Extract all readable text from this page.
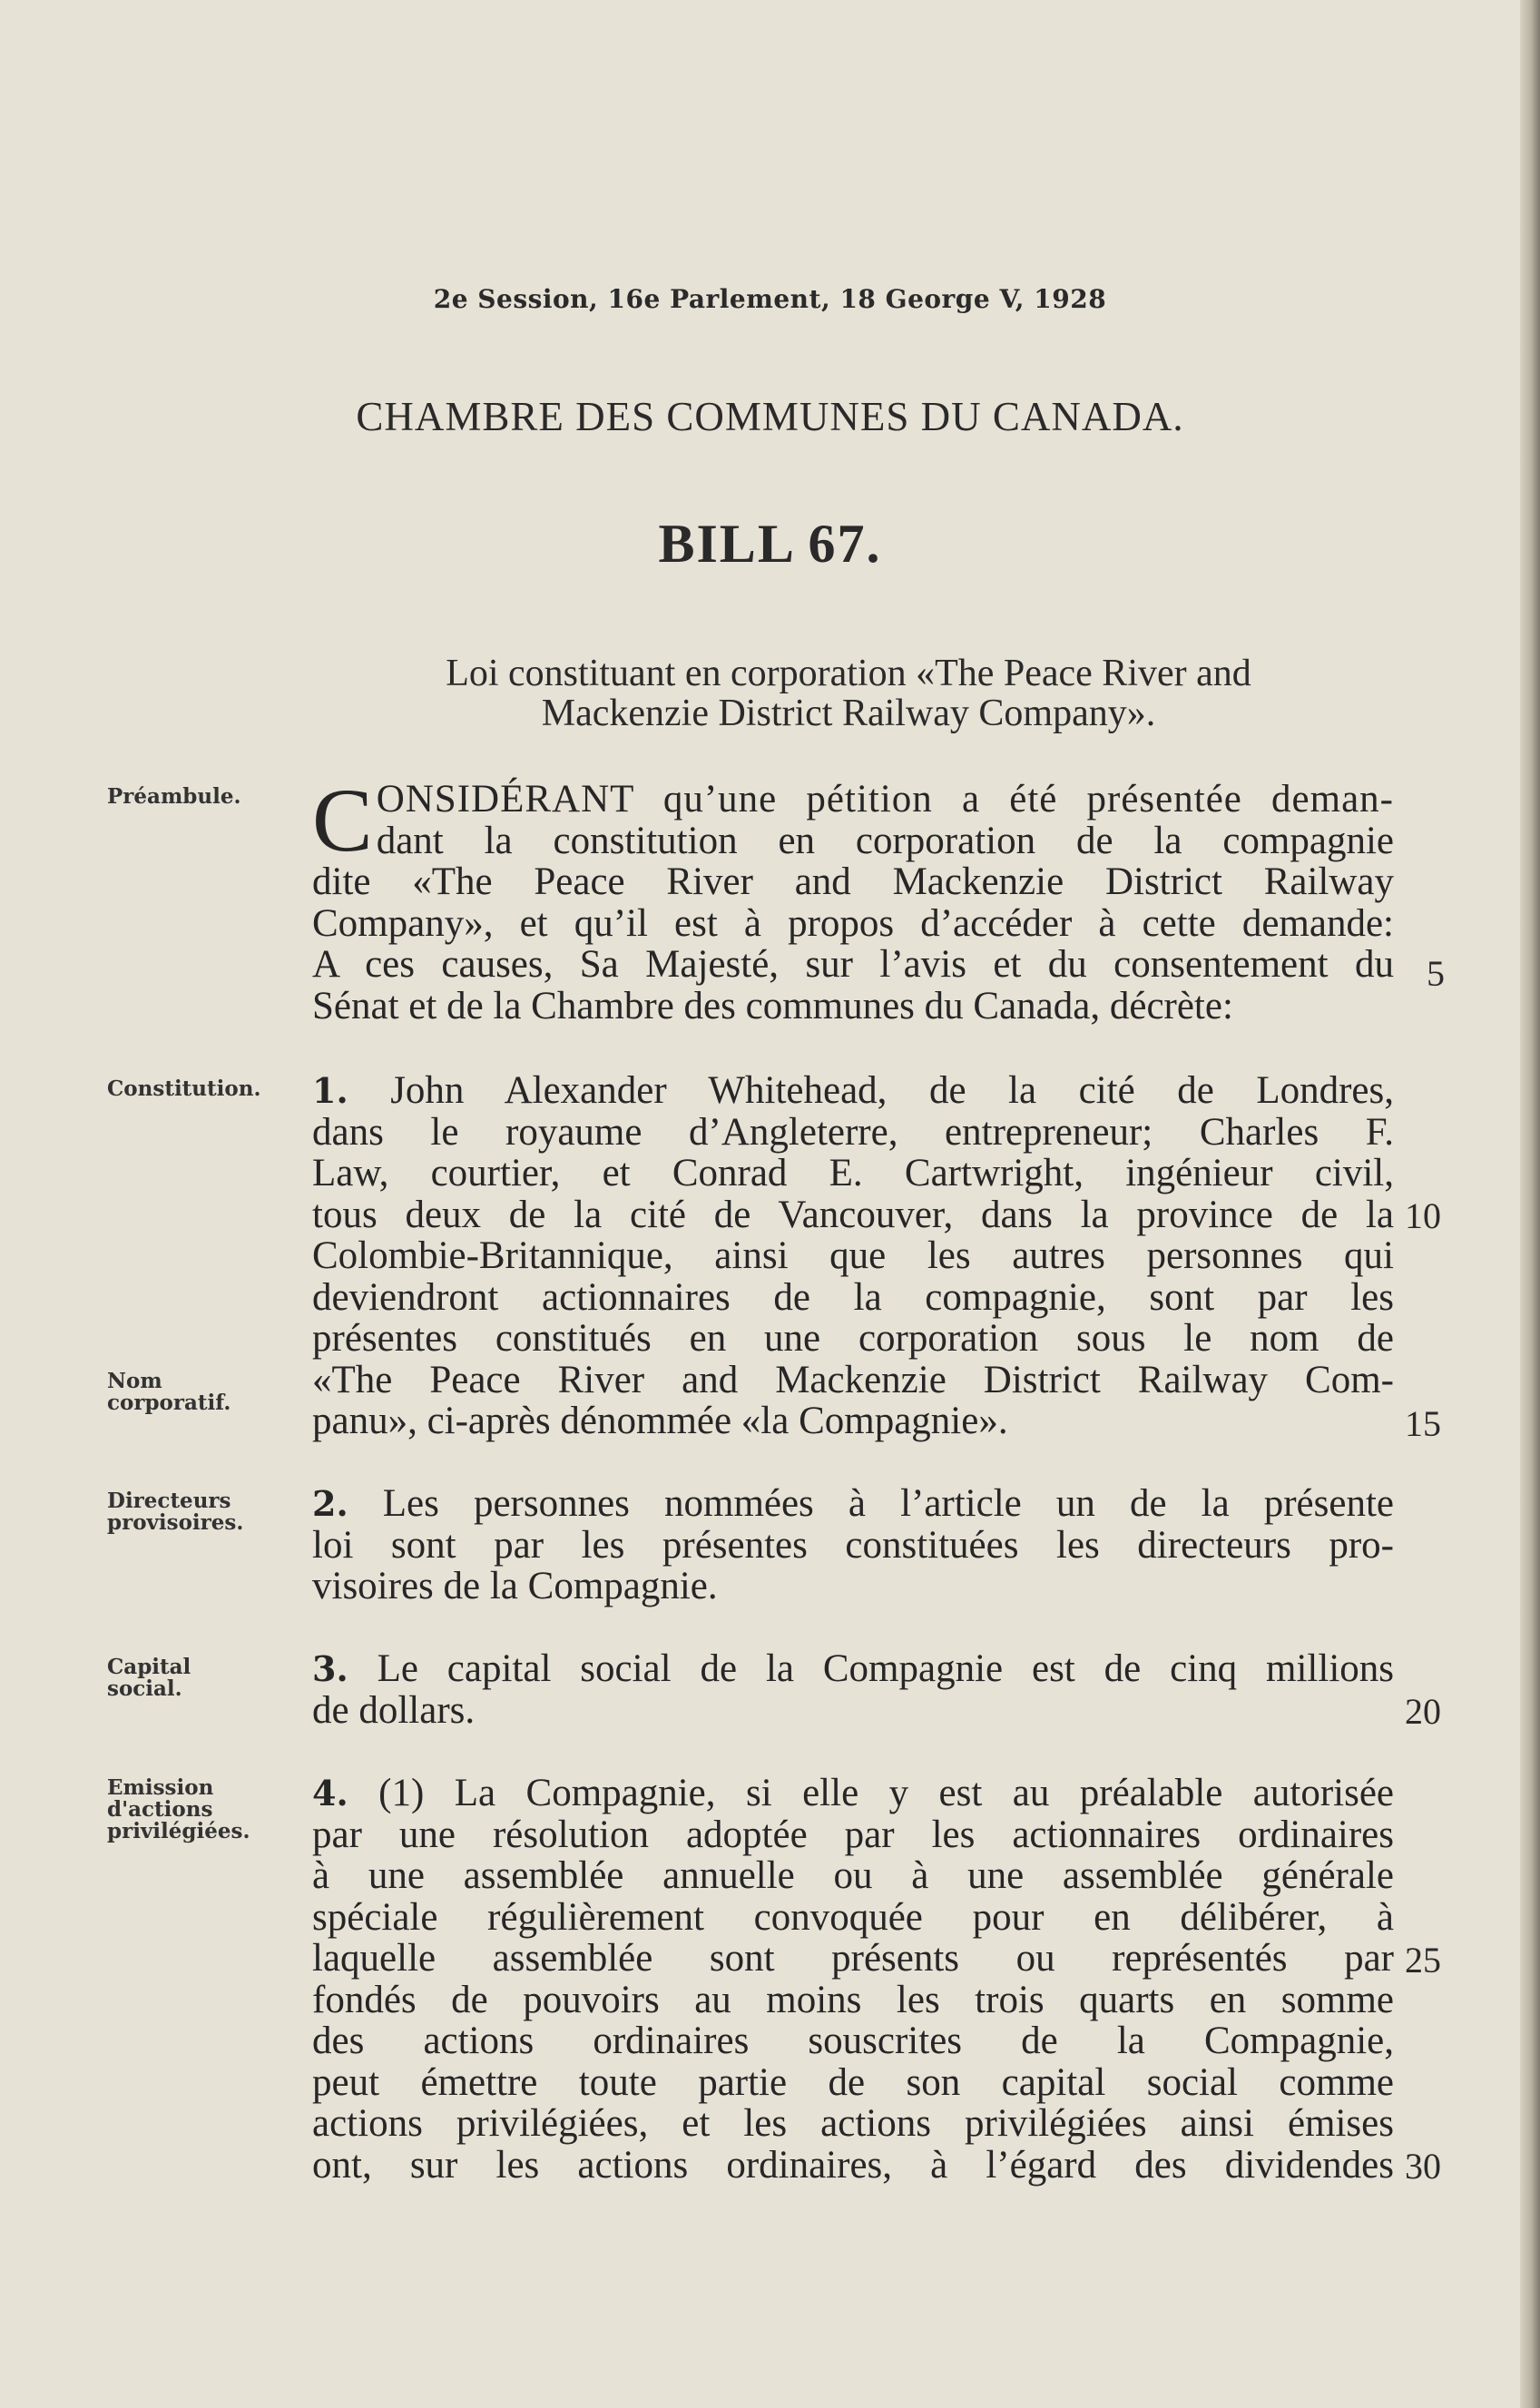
2e Session, 16e Parlement, 18 George V, 1928
CHAMBRE DES COMMUNES DU CANADA.
BILL 67.
Loi constituant en corporation «The Peace River and
Mackenzie District Railway Company».
Préambule.
Constitution.
Nom
corporatif.
Directeurs
provisoires.
Capital
social.
Emission
d'actions
privilégiées.
C ONSIDÉRANT qu’une pétition a été présentée deman-
dant la constitution en corporation de la compagnie
dite «The Peace River and Mackenzie District Railway
Company», et qu’il est à propos d’accéder à cette demande:
A ces causes, Sa Majesté, sur l’avis et du consentement du
Sénat et de la Chambre des communes du Canada, décrète:
1. John Alexander Whitehead, de la cité de Londres,
dans le royaume d’Angleterre, entrepreneur; Charles F.
Law, courtier, et Conrad E. Cartwright, ingénieur civil,
tous deux de la cité de Vancouver, dans la province de la
Colombie-Britannique, ainsi que les autres personnes qui
deviendront actionnaires de la compagnie, sont par les
présentes constitués en une corporation sous le nom de
«The Peace River and Mackenzie District Railway Com-
panu», ci-après dénommée «la Compagnie».
2. Les personnes nommées à l’article un de la présente
loi sont par les présentes constituées les directeurs pro-
visoires de la Compagnie.
3. Le capital social de la Compagnie est de cinq millions
de dollars.
4. (1) La Compagnie, si elle y est au préalable autorisée
par une résolution adoptée par les actionnaires ordinaires
à une assemblée annuelle ou à une assemblée générale
spéciale régulièrement convoquée pour en délibérer, à
laquelle assemblée sont présents ou représentés par
fondés de pouvoirs au moins les trois quarts en somme
des actions ordinaires souscrites de la Compagnie,
peut émettre toute partie de son capital social comme
actions privilégiées, et les actions privilégiées ainsi émises
ont, sur les actions ordinaires, à l’égard des dividendes
5
10
15
20
25
30
